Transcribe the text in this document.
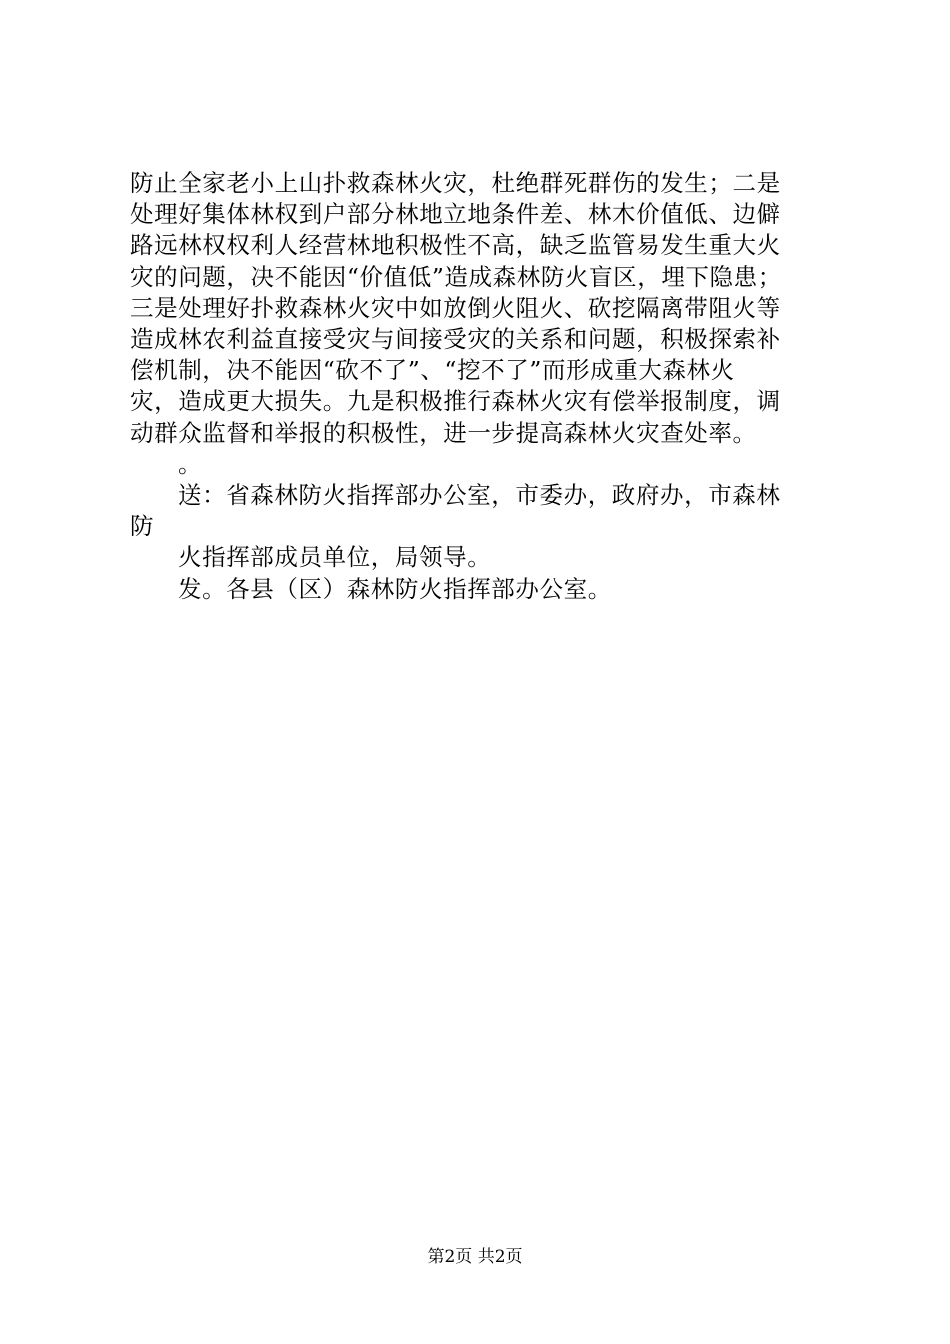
防止全家老小上山扑救森林火灾，杜绝群死群伤的发生；二是
处理好集体林权到户部分林地立地条件差、林木价值低、边僻
路远林权权利人经营林地积极性不高，缺乏监管易发生重大火
灾的问题，决不能因“价值低”造成森林防火盲区，埋下隐患；
三是处理好扑救森林火灾中如放倒火阻火、砍挖隔离带阻火等
造成林农利益直接受灾与间接受灾的关系和问题，积极探索补
偿机制，决不能因“砍不了”、“挖不了”而形成重大森林火
灾，造成更大损失。九是积极推行森林火灾有偿举报制度，调
动群众监督和举报的积极性，进一步提高森林火灾查处率。

。

送：省森林防火指挥部办公室，市委办，政府办，市森林
防
火指挥部成员单位，局领导。

发。各县（区）森林防火指挥部办公室。

第2页 共2页
